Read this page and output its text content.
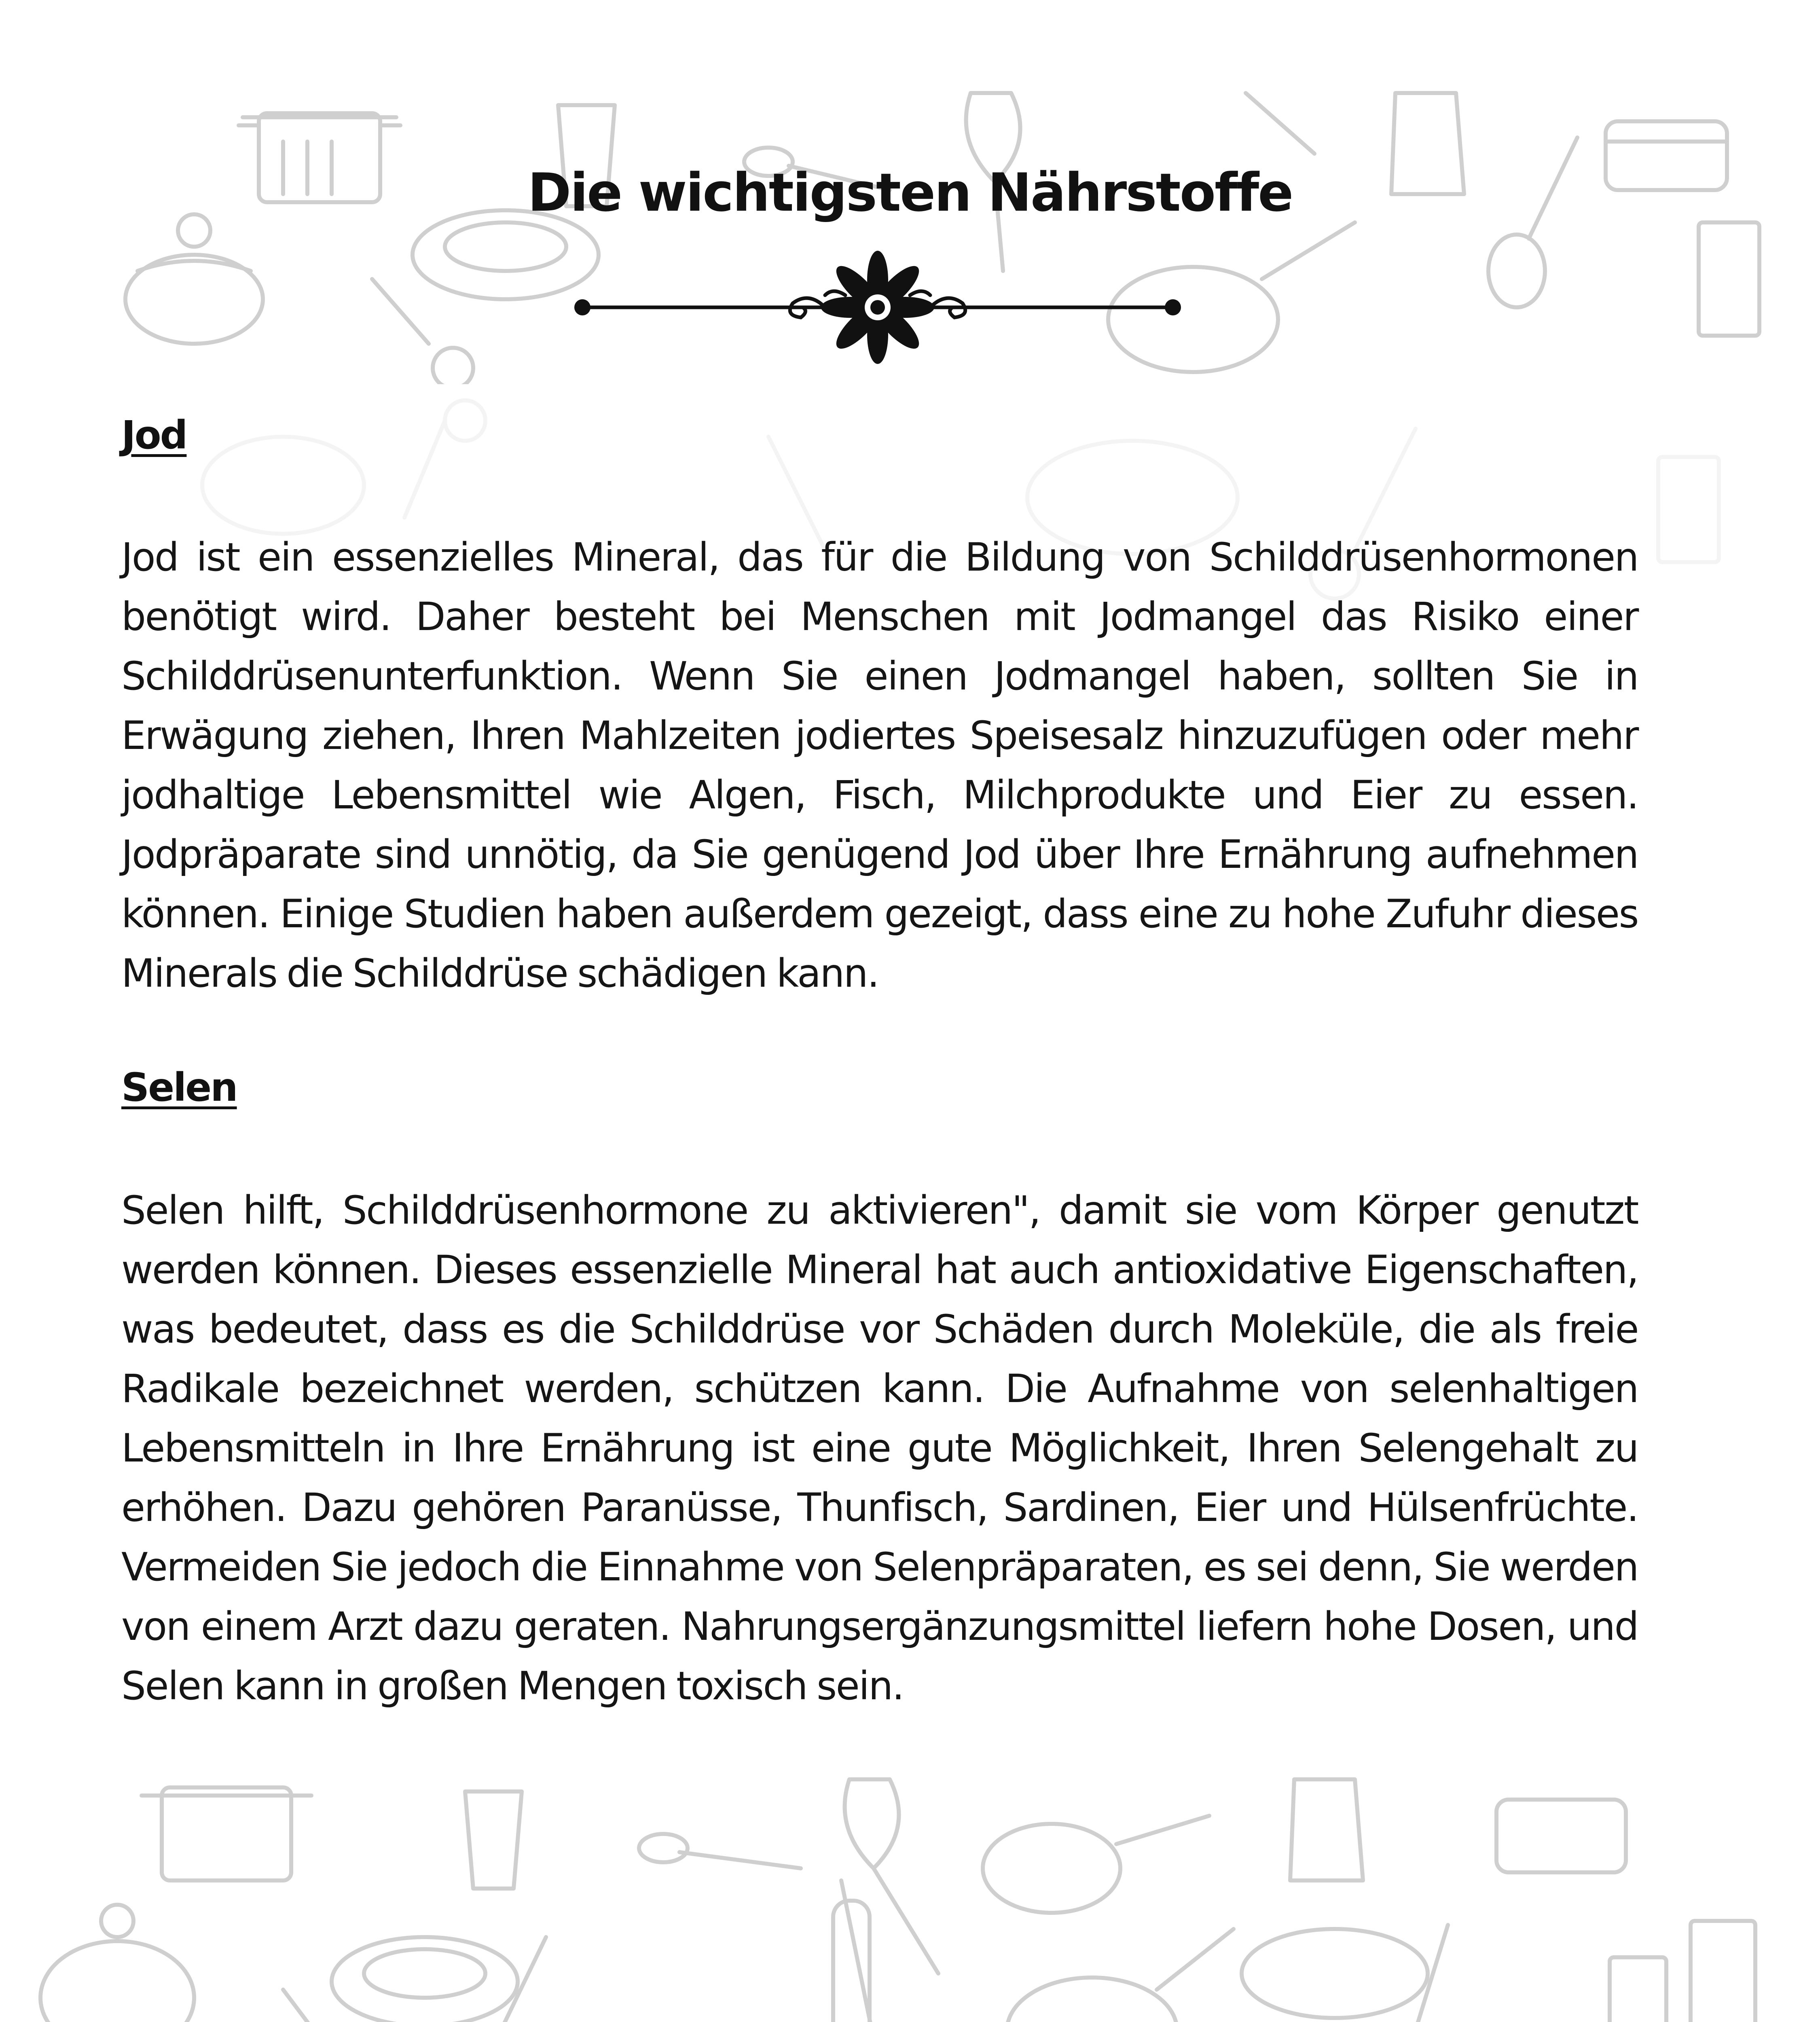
Die wichtigsten Nährstoffe
Jod

Jod ist ein essenzielles Mineral, das für die Bildung von Schilddrüsenhormonen benötigt wird. Daher besteht bei Menschen mit Jodmangel das Risiko einer Schilddrüsenunterfunktion. Wenn Sie einen Jodmangel haben, sollten Sie in Erwägung ziehen, Ihren Mahlzeiten jodiertes Speisesalz hinzuzufügen oder mehr jodhaltige Lebensmittel wie Algen, Fisch, Milchprodukte und Eier zu essen. Jodpräparate sind unnötig, da Sie genügend Jod über Ihre Ernährung aufnehmen können. Einige Studien haben außerdem gezeigt, dass eine zu hohe Zufuhr dieses Minerals die Schilddrüse schädigen kann.

Selen

Selen hilft, Schilddrüsenhormone zu aktivieren", damit sie vom Körper genutzt werden können. Dieses essenzielle Mineral hat auch antioxidative Eigenschaften, was bedeutet, dass es die Schilddrüse vor Schäden durch Moleküle, die als freie Radikale bezeichnet werden, schützen kann. Die Aufnahme von selenhaltigen Lebensmitteln in Ihre Ernährung ist eine gute Möglichkeit, Ihren Selengehalt zu erhöhen. Dazu gehören Paranüsse, Thunfisch, Sardinen, Eier und Hülsenfrüchte. Vermeiden Sie jedoch die Einnahme von Selenpräparaten, es sei denn, Sie werden von einem Arzt dazu geraten. Nahrungsergänzungsmittel liefern hohe Dosen, und Selen kann in großen Mengen toxisch sein.
